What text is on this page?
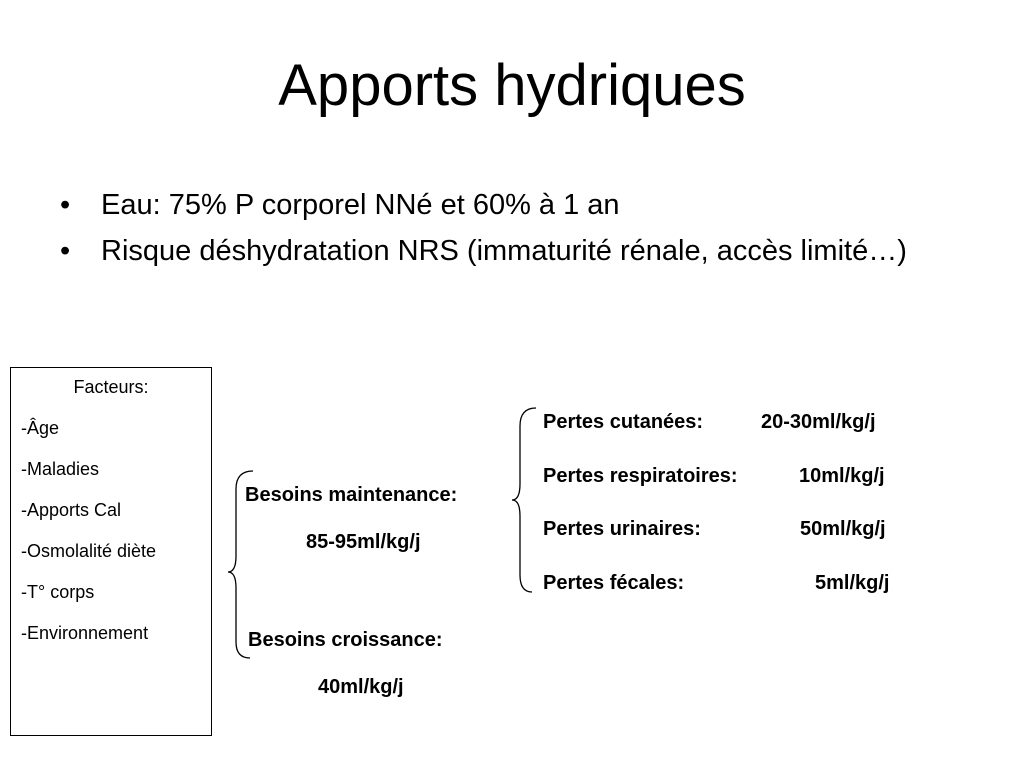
Apports hydriques
• Eau: 75% P corporel NNé et 60% à 1 an
• Risque déshydratation NRS (immaturité rénale, accès limité…)
Facteurs:
-Âge
-Maladies
-Apports Cal
-Osmolalité diète
-T° corps
-Environnement
Besoins maintenance:
85-95ml/kg/j
Besoins croissance:
40ml/kg/j
Pertes cutanées:	20-30ml/kg/j
Pertes respiratoires:	10ml/kg/j
Pertes urinaires:	50ml/kg/j
Pertes fécales:	5ml/kg/j
